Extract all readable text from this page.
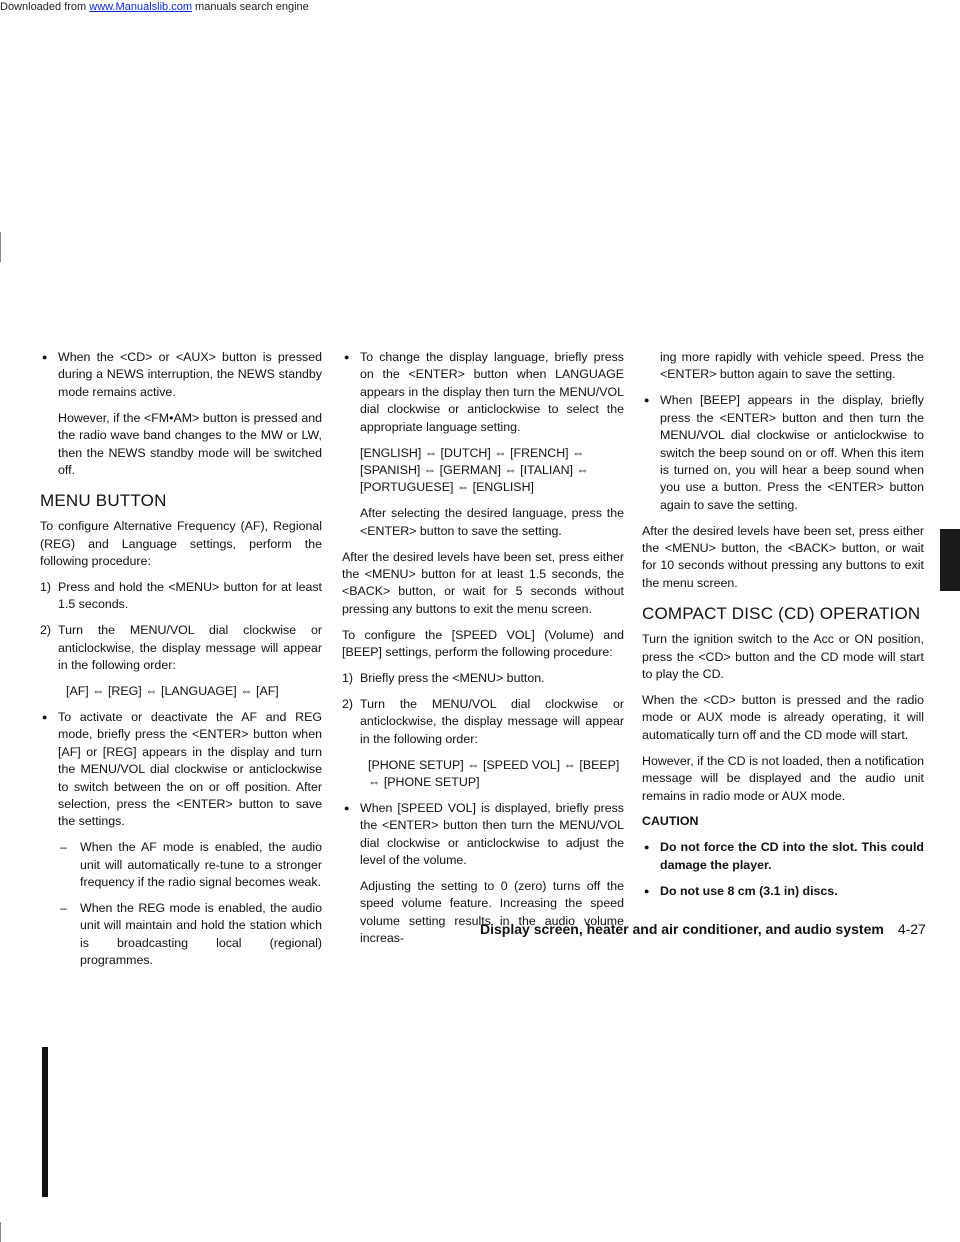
Downloaded from www.Manualslib.com manuals search engine

● When the <CD> or <AUX> button is pressed during a NEWS interruption, the NEWS standby mode remains active.

However, if the <FM•AM> button is pressed and the radio wave band changes to the MW or LW, then the NEWS standby mode will be switched off.

MENU BUTTON

To configure Alternative Frequency (AF), Regional (REG) and Language settings, perform the following procedure:

1) Press and hold the <MENU> button for at least 1.5 seconds.

2) Turn the MENU/VOL dial clockwise or anticlockwise, the display message will appear in the following order:

[AF] ⇔ [REG] ⇔ [LANGUAGE] ⇔ [AF]

● To activate or deactivate the AF and REG mode, briefly press the <ENTER> button when [AF] or [REG] appears in the display and turn the MENU/VOL dial clockwise or anticlockwise to switch between the on or off position. After selection, press the <ENTER> button to save the settings.

– When the AF mode is enabled, the audio unit will automatically re-tune to a stronger frequency if the radio signal becomes weak.

– When the REG mode is enabled, the audio unit will maintain and hold the station which is broadcasting local (regional) programmes.

● To change the display language, briefly press on the <ENTER> button when LANGUAGE appears in the display then turn the MENU/VOL dial clockwise or anticlockwise to select the appropriate language setting.

[ENGLISH] ⇔ [DUTCH] ⇔ [FRENCH] ⇔ [SPANISH] ⇔ [GERMAN] ⇔ [ITALIAN] ⇔ [PORTUGUESE] ⇔ [ENGLISH]

After selecting the desired language, press the <ENTER> button to save the setting.

After the desired levels have been set, press either the <MENU> button for at least 1.5 seconds, the <BACK> button, or wait for 5 seconds without pressing any buttons to exit the menu screen.

To configure the [SPEED VOL] (Volume) and [BEEP] settings, perform the following procedure:

1) Briefly press the <MENU> button.

2) Turn the MENU/VOL dial clockwise or anticlockwise, the display message will appear in the following order:

[PHONE SETUP] ⇔ [SPEED VOL] ⇔ [BEEP] ⇔ [PHONE SETUP]

● When [SPEED VOL] is displayed, briefly press the <ENTER> button then turn the MENU/VOL dial clockwise or anticlockwise to adjust the level of the volume.

Adjusting the setting to 0 (zero) turns off the speed volume feature. Increasing the speed volume setting results in the audio volume increas-

ing more rapidly with vehicle speed. Press the <ENTER> button again to save the setting.

● When [BEEP] appears in the display, briefly press the <ENTER> button and then turn the MENU/VOL dial clockwise or anticlockwise to switch the beep sound on or off. When this item is turned on, you will hear a beep sound when you use a button. Press the <ENTER> button again to save the setting.

After the desired levels have been set, press either the <MENU> button, the <BACK> button, or wait for 10 seconds without pressing any buttons to exit the menu screen.

COMPACT DISC (CD) OPERATION

Turn the ignition switch to the Acc or ON position, press the <CD> button and the CD mode will start to play the CD.

When the <CD> button is pressed and the radio mode or AUX mode is already operating, it will automatically turn off and the CD mode will start.

However, if the CD is not loaded, then a notification message will be displayed and the audio unit remains in radio mode or AUX mode.

CAUTION

● Do not force the CD into the slot. This could damage the player.

● Do not use 8 cm (3.1 in) discs.

Display screen, heater and air conditioner, and audio system 4-27
